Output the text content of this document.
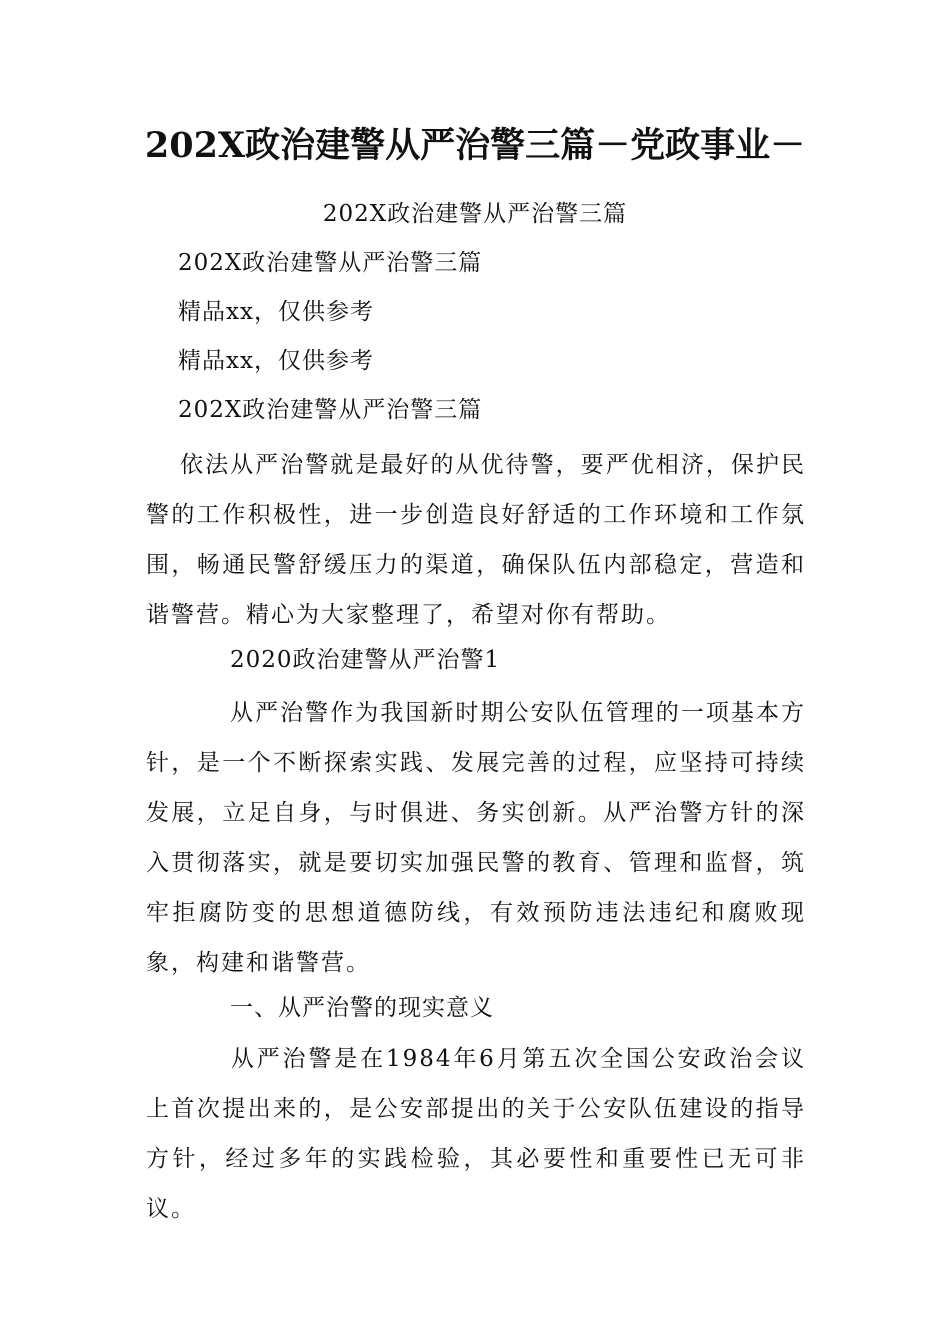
202X政治建警从严治警三篇－党政事业－
202X政治建警从严治警三篇
202X政治建警从严治警三篇
精品xx，仅供参考
精品xx，仅供参考
202X政治建警从严治警三篇
依法从严治警就是最好的从优待警，要严优相济，保护民警的工作积极性，进一步创造良好舒适的工作环境和工作氛围，畅通民警舒缓压力的渠道，确保队伍内部稳定，营造和谐警营。精心为大家整理了，希望对你有帮助。
2020政治建警从严治警1
从严治警作为我国新时期公安队伍管理的一项基本方针，是一个不断探索实践、发展完善的过程，应坚持可持续发展，立足自身，与时俱进、务实创新。从严治警方针的深入贯彻落实，就是要切实加强民警的教育、管理和监督，筑牢拒腐防变的思想道德防线，有效预防违法违纪和腐败现象，构建和谐警营。
一、从严治警的现实意义
从严治警是在1984年6月第五次全国公安政治会议上首次提出来的，是公安部提出的关于公安队伍建设的指导方针，经过多年的实践检验，其必要性和重要性已无可非议。
